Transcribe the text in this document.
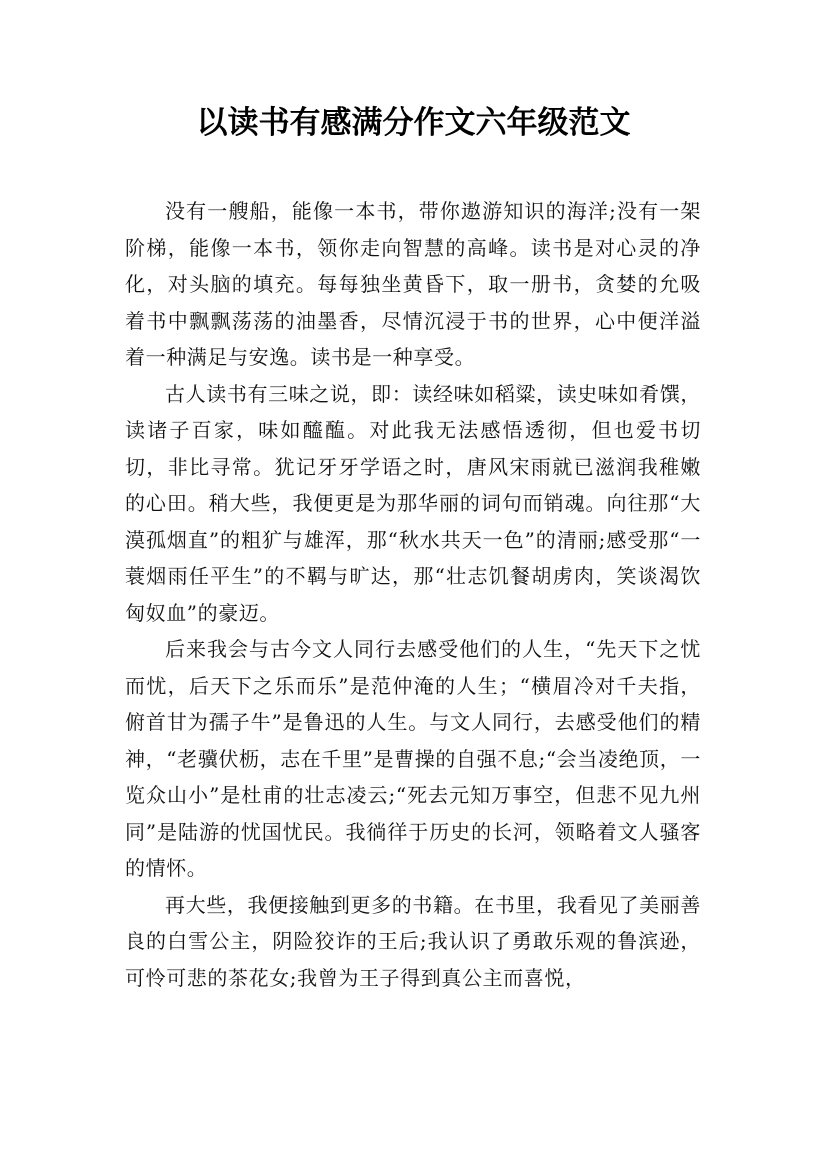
以读书有感满分作文六年级范文

没有一艘船，能像一本书，带你遨游知识的海洋;没有一架阶梯，能像一本书，领你走向智慧的高峰。读书是对心灵的净化，对头脑的填充。每每独坐黄昏下，取一册书，贪婪的允吸着书中飘飘荡荡的油墨香，尽情沉浸于书的世界，心中便洋溢着一种满足与安逸。读书是一种享受。

古人读书有三味之说，即：读经味如稻粱，读史味如肴馔，读诸子百家，味如醯醢。对此我无法感悟透彻，但也爱书切切，非比寻常。犹记牙牙学语之时，唐风宋雨就已滋润我稚嫩的心田。稍大些，我便更是为那华丽的词句而销魂。向往那“大漠孤烟直”的粗犷与雄浑，那“秋水共天一色”的清丽;感受那“一蓑烟雨任平生”的不羁与旷达，那“壮志饥餐胡虏肉，笑谈渴饮匈奴血”的豪迈。

后来我会与古今文人同行去感受他们的人生，“先天下之忧而忧，后天下之乐而乐”是范仲淹的人生；“横眉冷对千夫指，俯首甘为孺子牛”是鲁迅的人生。与文人同行，去感受他们的精神，“老骥伏枥，志在千里”是曹操的自强不息;“会当凌绝顶，一览众山小”是杜甫的壮志凌云;“死去元知万事空，但悲不见九州同”是陆游的忧国忧民。我徜徉于历史的长河，领略着文人骚客的情怀。

再大些，我便接触到更多的书籍。在书里，我看见了美丽善良的白雪公主，阴险狡诈的王后;我认识了勇敢乐观的鲁滨逊，可怜可悲的茶花女;我曾为王子得到真公主而喜悦，
